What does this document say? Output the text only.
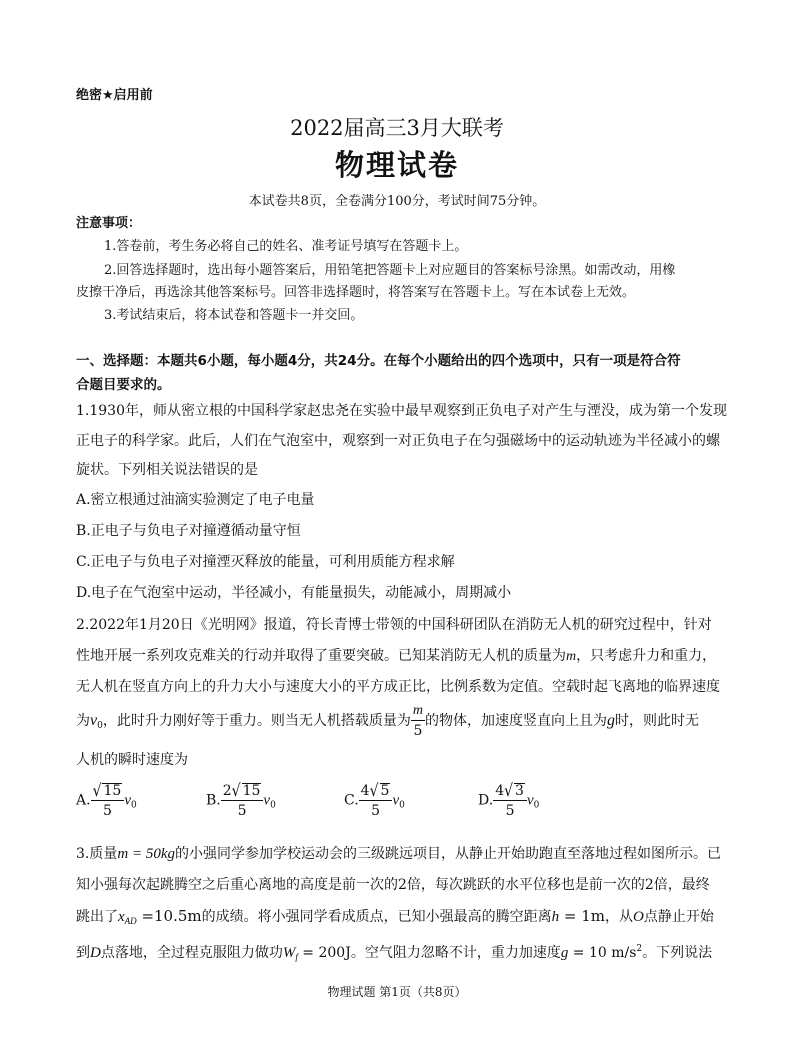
绝密★启用前
2022届高三3月大联考
物理试卷
本试卷共8页，全卷满分100分，考试时间75分钟。
注意事项：
1.答卷前，考生务必将自己的姓名、准考证号填写在答题卡上。
2.回答选择题时，选出每小题答案后，用铅笔把答题卡上对应题目的答案标号涂黑。如需改动，用橡
皮擦干净后，再选涂其他答案标号。回答非选择题时，将答案写在答题卡上。写在本试卷上无效。
3.考试结束后，将本试卷和答题卡一并交回。
一、选择题：本题共6小题，每小题4分，共24分。在每个小题给出的四个选项中，只有一项是符合符
合题目要求的。
1.1930年，师从密立根的中国科学家赵忠尧在实验中最早观察到正负电子对产生与湮没，成为第一个发现
正电子的科学家。此后，人们在气泡室中，观察到一对正负电子在匀强磁场中的运动轨迹为半径减小的螺
旋状。下列相关说法错误的是
A.密立根通过油滴实验测定了电子电量
B.正电子与负电子对撞遵循动量守恒
C.正电子与负电子对撞湮灭释放的能量，可利用质能方程求解
D.电子在气泡室中运动，半径减小，有能量损失，动能减小，周期减小
2.2022年1月20日《光明网》报道，符长青博士带领的中国科研团队在消防无人机的研究过程中，针对
性地开展一系列攻克难关的行动并取得了重要突破。已知某消防无人机的质量为m，只考虑升力和重力，
无人机在竖直方向上的升力大小与速度大小的平方成正比，比例系数为定值。空载时起飞离地的临界速度
为$v_0$，此时升力刚好等于重力。则当无人机搭载质量为 $\frac{m}{5}$ 的物体，加速度竖直向上且为g时，则此时无
人机的瞬时速度为
A. $\frac{√ 15}{5} v_0$	B. $\frac{2√ 15}{5} v_0$	C. $\frac{4√ 5}{5} v_0$	D. $\frac{4√ 3}{5} v_0$
3.质量m = 50kg的小强同学参加学校运动会的三级跳远项目，从静止开始助跑直至落地过程如图所示。已
知小强每次起跳腾空之后重心离地的高度是前一次的2倍，每次跳跃的水平位移也是前一次的2倍，最终
跳出了$x_{AD} =10.5m$的成绩。将小强同学看成质点，已知小强最高的腾空距离h = 1m，从O点静止开始
到D点落地，全过程克服阻力做功$W_f = 200J$。空气阻力忽略不计，重力加速度g = 10 $m/s^2$。下列说法
物理试题 第1页（共8页）
